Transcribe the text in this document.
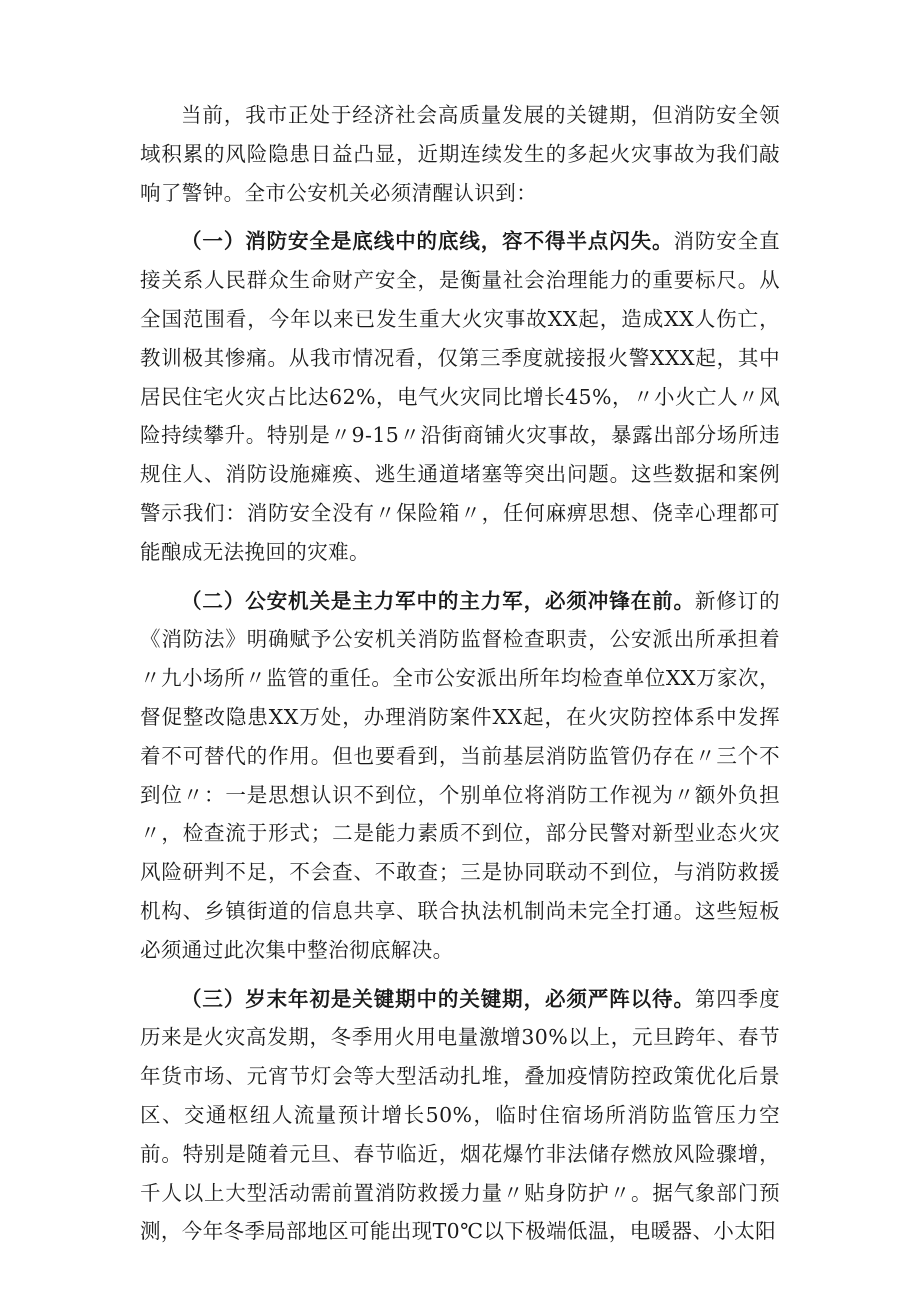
当前，我市正处于经济社会高质量发展的关键期，但消防安全领域积累的风险隐患日益凸显，近期连续发生的多起火灾事故为我们敲响了警钟。全市公安机关必须清醒认识到：

（一）消防安全是底线中的底线，容不得半点闪失。消防安全直接关系人民群众生命财产安全，是衡量社会治理能力的重要标尺。从全国范围看，今年以来已发生重大火灾事故XX起，造成XX人伤亡，教训极其惨痛。从我市情况看，仅第三季度就接报火警XXX起，其中居民住宅火灾占比达62%，电气火灾同比增长45%，〃小火亡人〃风险持续攀升。特别是〃9-15〃沿街商铺火灾事故，暴露出部分场所违规住人、消防设施瘫痪、逃生通道堵塞等突出问题。这些数据和案例警示我们：消防安全没有〃保险箱〃，任何麻痹思想、侥幸心理都可能酿成无法挽回的灾难。

（二）公安机关是主力军中的主力军，必须冲锋在前。新修订的《消防法》明确赋予公安机关消防监督检查职责，公安派出所承担着〃九小场所〃监管的重任。全市公安派出所年均检查单位XX万家次，督促整改隐患XX万处，办理消防案件XX起，在火灾防控体系中发挥着不可替代的作用。但也要看到，当前基层消防监管仍存在〃三个不到位〃：一是思想认识不到位，个别单位将消防工作视为〃额外负担〃，检查流于形式；二是能力素质不到位，部分民警对新型业态火灾风险研判不足，不会查、不敢查；三是协同联动不到位，与消防救援机构、乡镇街道的信息共享、联合执法机制尚未完全打通。这些短板必须通过此次集中整治彻底解决。

（三）岁末年初是关键期中的关键期，必须严阵以待。第四季度历来是火灾高发期，冬季用火用电量激增30%以上，元旦跨年、春节年货市场、元宵节灯会等大型活动扎堆，叠加疫情防控政策优化后景区、交通枢纽人流量预计增长50%，临时住宿场所消防监管压力空前。特别是随着元旦、春节临近，烟花爆竹非法储存燃放风险骤增，千人以上大型活动需前置消防救援力量〃贴身防护〃。据气象部门预测，今年冬季局部地区可能出现T0℃以下极端低温，电暖器、小太阳
